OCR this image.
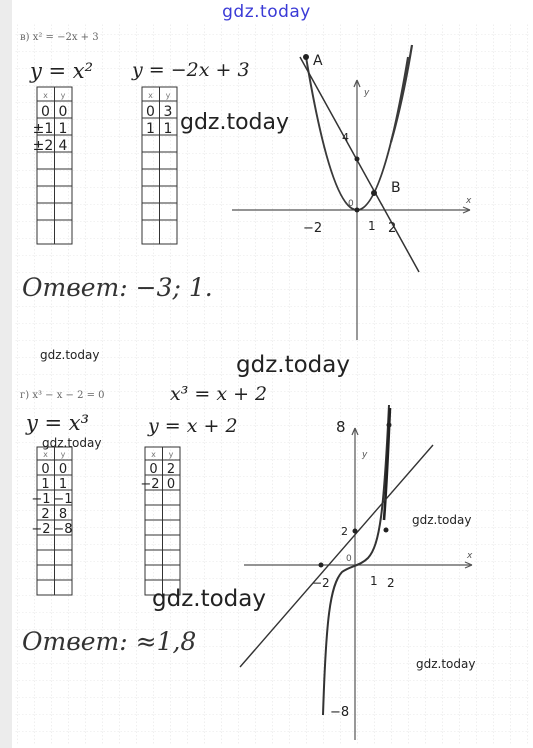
в) x² = −2x + 3
y = x² y = −2x + 3
x y
0 0
±1 1
±2 4
x y
0 3
1 1
x
y
0
A
B
−2	1 2
4
Ответ: −3; 1.
г) x³ − x − 2 = 0	x³ = x + 2
y = x³	y = x + 2
x y
0 0
1 1
−1 −1
2 8
−2 −8
x y
0 2
−2 0
x
y
0
8
2
−2	1 2
−8
Ответ: ≈1,8
gdz.today
gdz.today
gdz.today	gdz.today
gdz.today
gdz.today
gdz.today
gdz.today
